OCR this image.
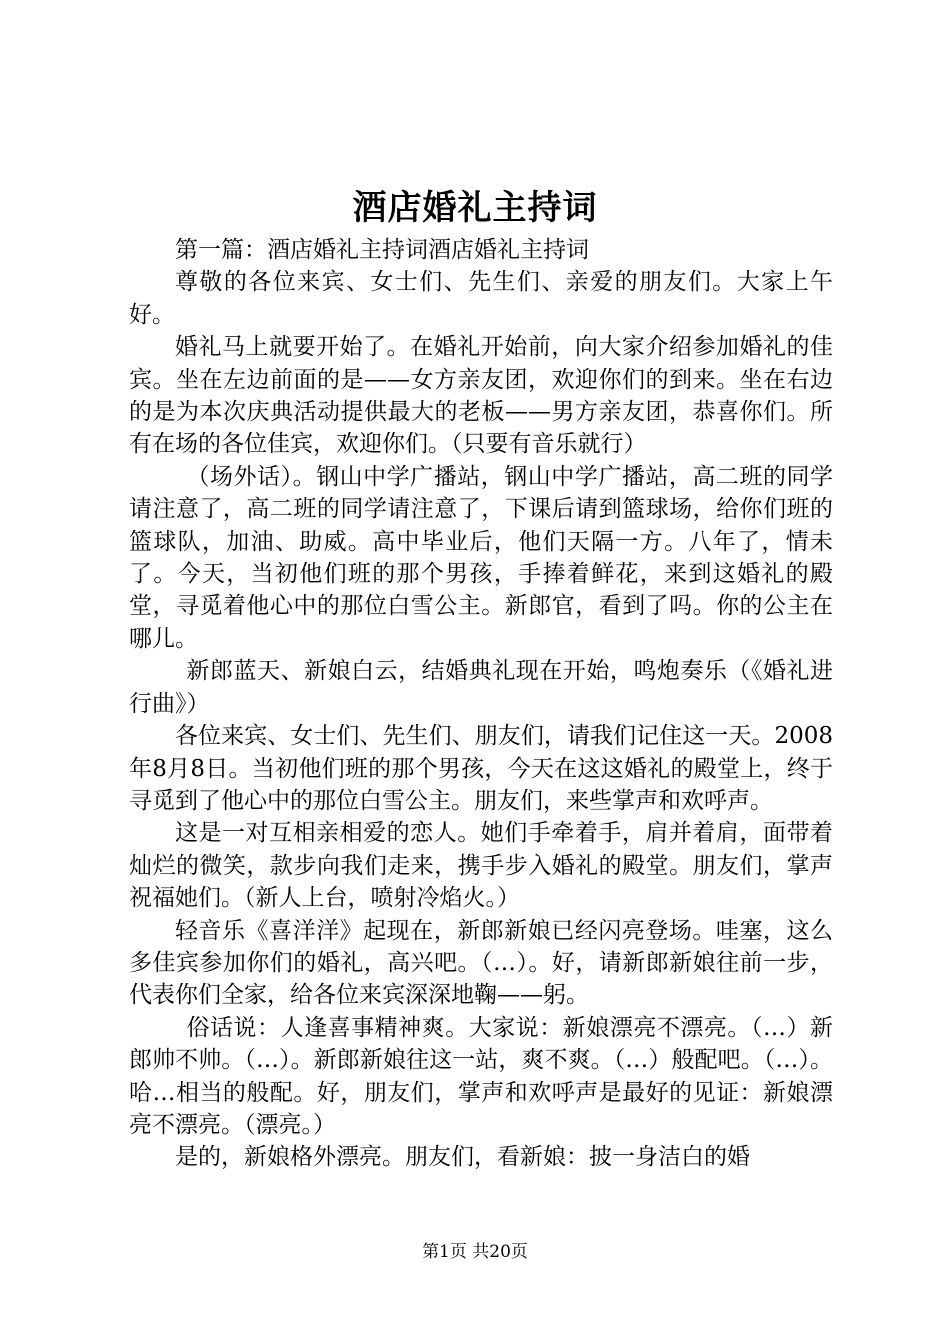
酒店婚礼主持词

第一篇：酒店婚礼主持词酒店婚礼主持词

尊敬的各位来宾、女士们、先生们、亲爱的朋友们。大家上午好。

婚礼马上就要开始了。在婚礼开始前，向大家介绍参加婚礼的佳宾。坐在左边前面的是——女方亲友团，欢迎你们的到来。坐在右边的是为本次庆典活动提供最大的老板——男方亲友团，恭喜你们。所有在场的各位佳宾，欢迎你们。（只要有音乐就行）

（场外话）。钢山中学广播站，钢山中学广播站，高二班的同学请注意了，高二班的同学请注意了，下课后请到篮球场，给你们班的篮球队，加油、助威。高中毕业后，他们天隔一方。八年了，情未了。今天，当初他们班的那个男孩，手捧着鲜花，来到这婚礼的殿堂，寻觅着他心中的那位白雪公主。新郎官，看到了吗。你的公主在哪儿。

新郎蓝天、新娘白云，结婚典礼现在开始，鸣炮奏乐（《婚礼进行曲》）

各位来宾、女士们、先生们、朋友们，请我们记住这一天。2008年8月8日。当初他们班的那个男孩，今天在这这婚礼的殿堂上，终于寻觅到了他心中的那位白雪公主。朋友们，来些掌声和欢呼声。

这是一对互相亲相爱的恋人。她们手牵着手，肩并着肩，面带着灿烂的微笑，款步向我们走来，携手步入婚礼的殿堂。朋友们，掌声祝福她们。（新人上台，喷射冷焰火。）

轻音乐《喜洋洋》起现在，新郎新娘已经闪亮登场。哇塞，这么多佳宾参加你们的婚礼，高兴吧。（…）。好，请新郎新娘往前一步，代表你们全家，给各位来宾深深地鞠——躬。

俗话说：人逢喜事精神爽。大家说：新娘漂亮不漂亮。（…）新郎帅不帅。（…）。新郎新娘往这一站，爽不爽。（…）般配吧。（…）。哈…相当的般配。好，朋友们，掌声和欢呼声是最好的见证：新娘漂亮不漂亮。（漂亮。）

是的，新娘格外漂亮。朋友们，看新娘：披一身洁白的婚

第1页 共20页
